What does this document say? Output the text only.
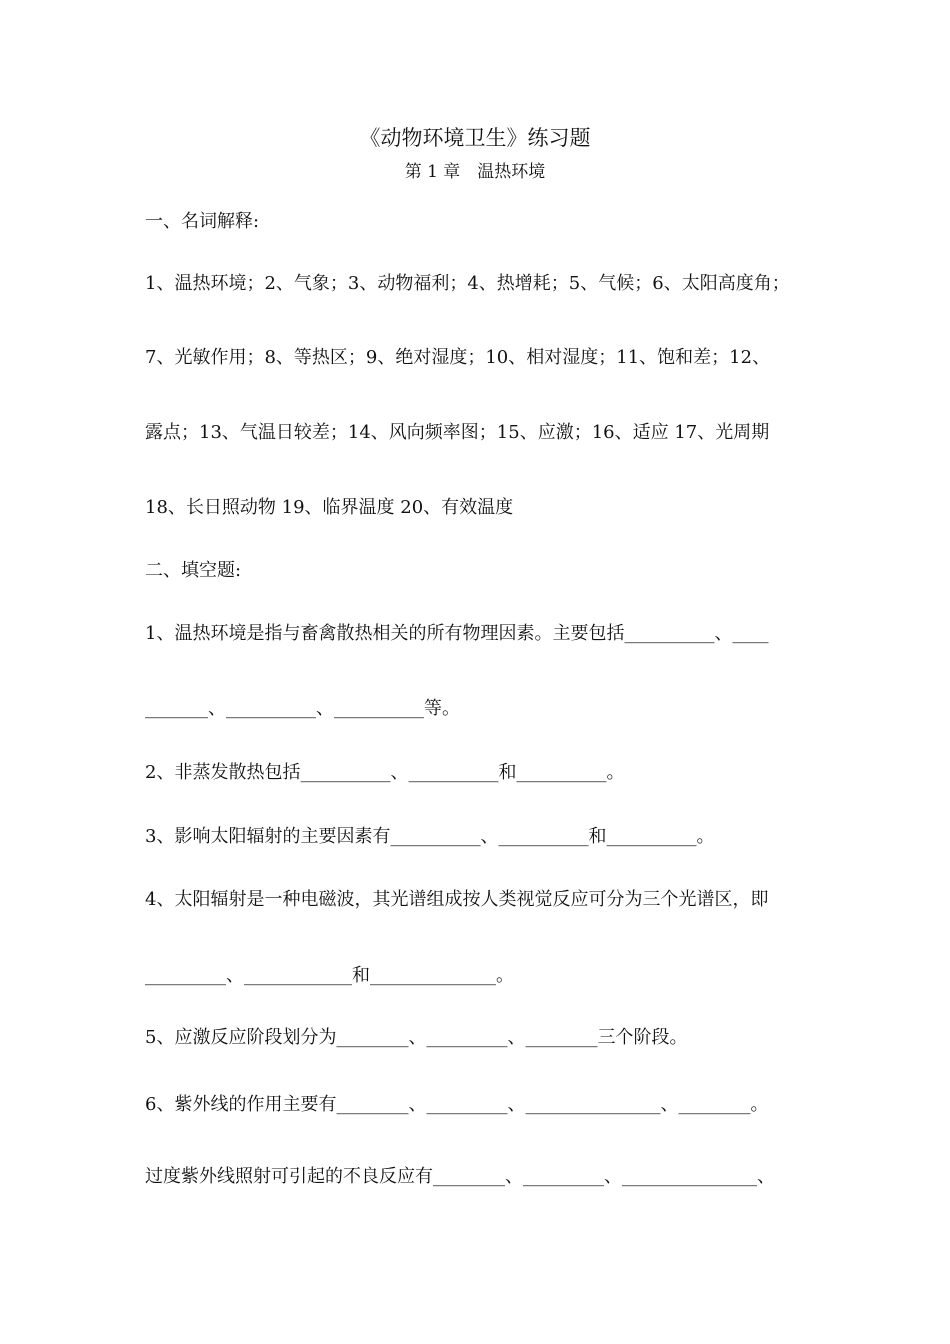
《动物环境卫生》练习题
第 1 章　温热环境
一、名词解释:
1、温热环境；2、气象；3、动物福利；4、热增耗；5、气候；6、太阳高度角；
7、光敏作用；8、等热区；9、绝对湿度；10、相对湿度；11、饱和差；12、
露点；13、气温日较差；14、风向频率图；15、应激；16、适应 17、光周期
18、长日照动物 19、临界温度 20、有效温度
二、填空题:
1、温热环境是指与畜禽散热相关的所有物理因素。主要包括__________、____
_______、__________、__________等。
2、非蒸发散热包括__________、__________和__________。
3、影响太阳辐射的主要因素有__________、__________和__________。
4、太阳辐射是一种电磁波，其光谱组成按人类视觉反应可分为三个光谱区，即
_________、____________和______________。
5、应激反应阶段划分为________、_________、________三个阶段。
6、紫外线的作用主要有________、_________、_______________、________。
过度紫外线照射可引起的不良反应有________、_________、_______________、
